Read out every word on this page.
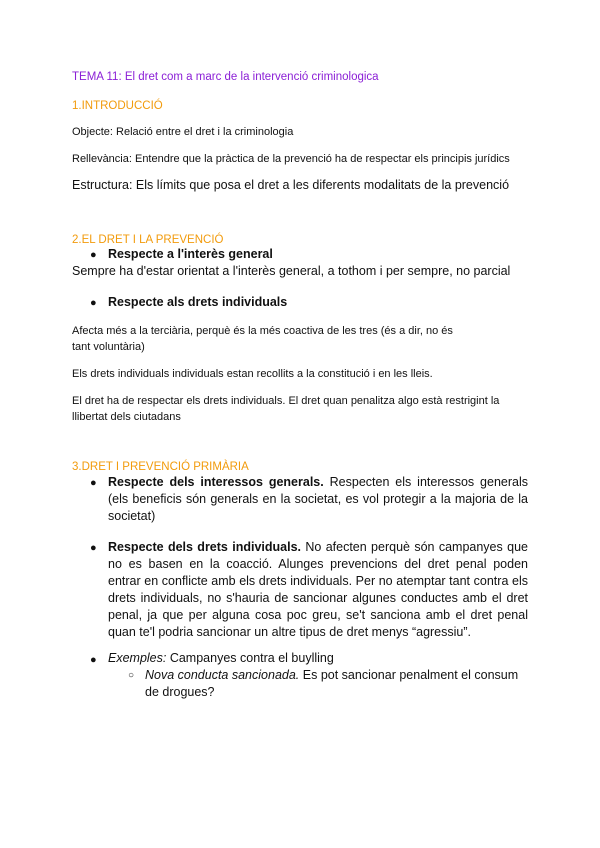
TEMA 11: El dret com a marc de la intervenció criminologica
1.INTRODUCCIÓ
Objecte: Relació entre el dret i la criminologia
Rellevància: Entendre que la pràctica de la prevenció ha de respectar els principis jurídics
Estructura: Els límits que posa el dret a les diferents modalitats de la prevenció
2.EL DRET I LA PREVENCIÓ
● Respecte a l'interès general
Sempre ha d'estar orientat a l'interès general, a tothom i per sempre, no parcial
● Respecte als drets individuals
Afecta més a la terciària, perquè és la més coactiva de les tres (és a dir, no és tant voluntària)
Els drets individuals individuals estan recollits a la constitució i en les lleis.
El dret ha de respectar els drets individuals. El dret quan penalitza algo està restrigint la llibertat dels ciutadans
3.DRET I PREVENCIÓ PRIMÀRIA
● Respecte dels interessos generals. Respecten els interessos generals (els beneficis són generals en la societat, es vol protegir a la majoria de la societat)
● Respecte dels drets individuals. No afecten perquè són campanyes que no es basen en la coacció. Alunges prevencions del dret penal poden entrar en conflicte amb els drets individuals. Per no atemptar tant contra els drets individuals, no s'hauria de sancionar algunes conductes amb el dret penal, ja que per alguna cosa poc greu, se't sanciona amb el dret penal quan te'l podria sancionar un altre tipus de dret menys “agressiu”.
● Exemples: Campanyes contra el buylling
○ Nova conducta sancionada. Es pot sancionar penalment el consum de drogues?
